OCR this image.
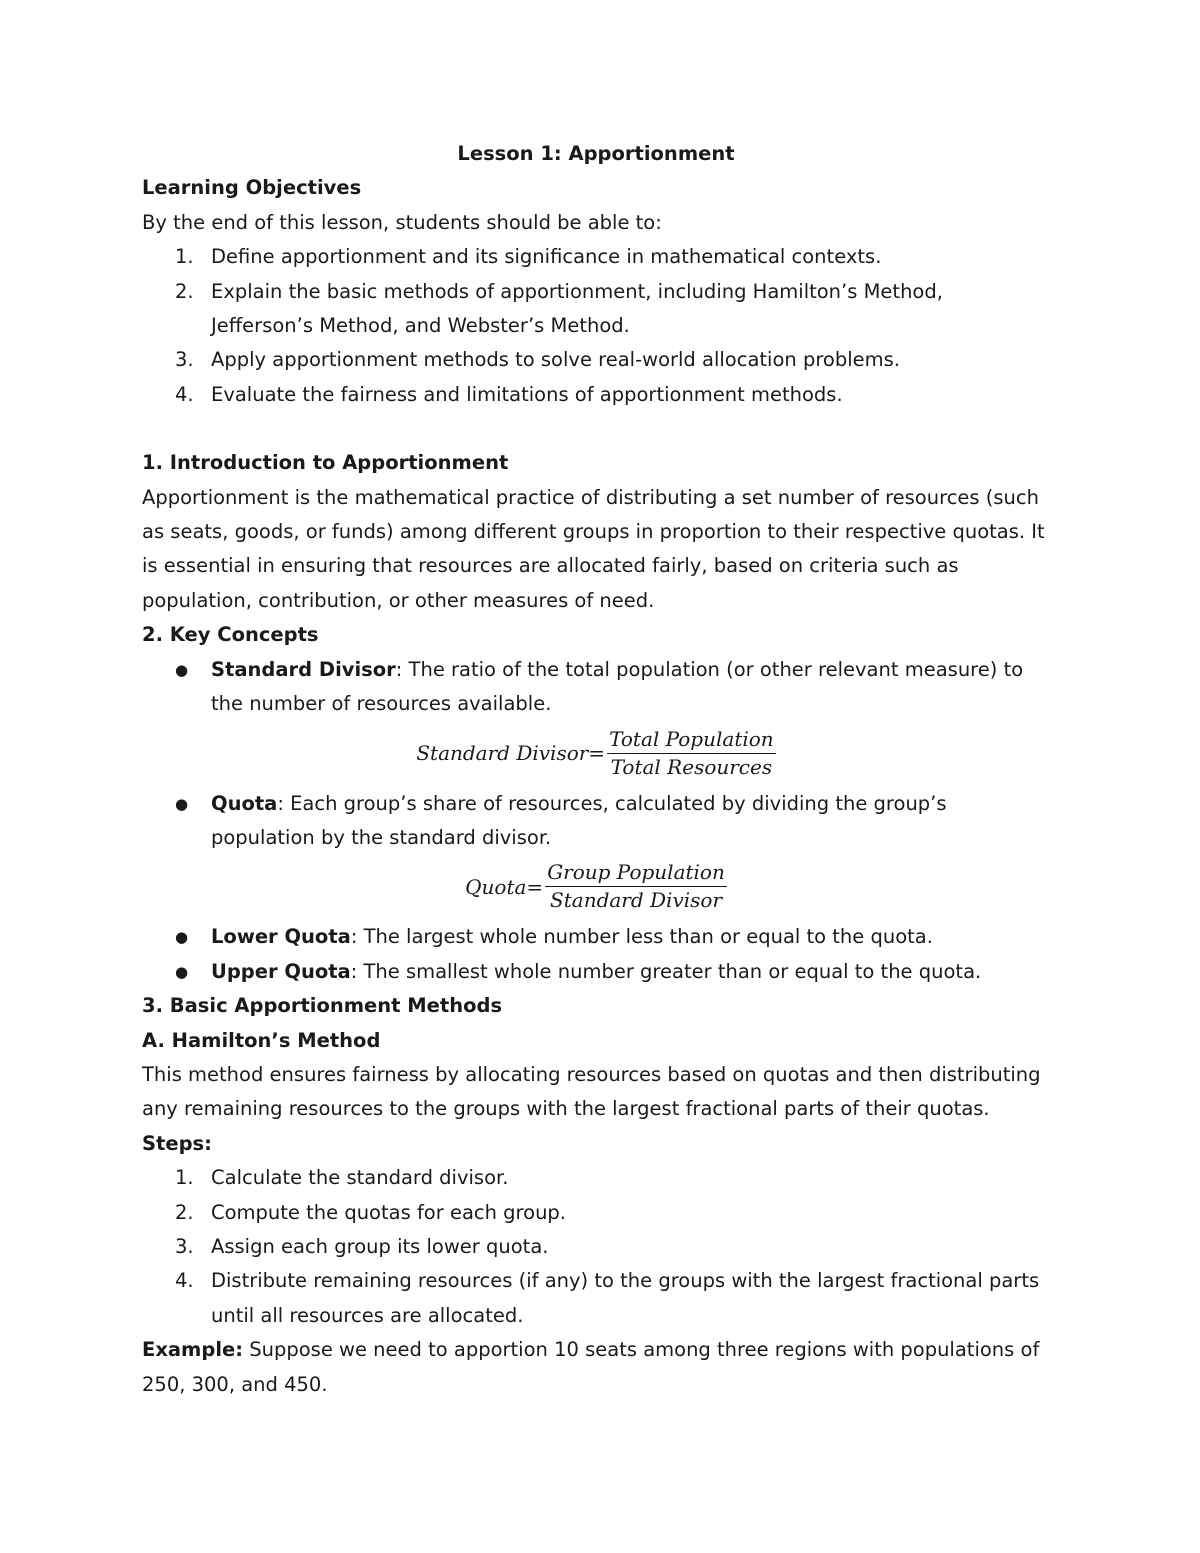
Lesson 1: Apportionment

Learning Objectives

By the end of this lesson, students should be able to:

1. Define apportionment and its significance in mathematical contexts.
2. Explain the basic methods of apportionment, including Hamilton’s Method, Jefferson’s Method, and Webster’s Method.
3. Apply apportionment methods to solve real-world allocation problems.
4. Evaluate the fairness and limitations of apportionment methods.
1. Introduction to Apportionment

Apportionment is the mathematical practice of distributing a set number of resources (such as seats, goods, or funds) among different groups in proportion to their respective quotas. It is essential in ensuring that resources are allocated fairly, based on criteria such as population, contribution, or other measures of need.

2. Key Concepts
● Standard Divisor: The ratio of the total population (or other relevant measure) to the number of resources available.
Standard Divisor= $\frac{\text{Total Population}}{\text{Total Resources}}$
● Quota: Each group’s share of resources, calculated by dividing the group’s population by the standard divisor.
Quota= $\frac{\text{Group Population}}{\text{Standard Divisor}}$
● Lower Quota: The largest whole number less than or equal to the quota.
● Upper Quota: The smallest whole number greater than or equal to the quota.
3. Basic Apportionment Methods
A. Hamilton’s Method

This method ensures fairness by allocating resources based on quotas and then distributing any remaining resources to the groups with the largest fractional parts of their quotas.

Steps:

1. Calculate the standard divisor.
2. Compute the quotas for each group.
3. Assign each group its lower quota.
4. Distribute remaining resources (if any) to the groups with the largest fractional parts until all resources are allocated.

Example: Suppose we need to apportion 10 seats among three regions with populations of 250, 300, and 450.
